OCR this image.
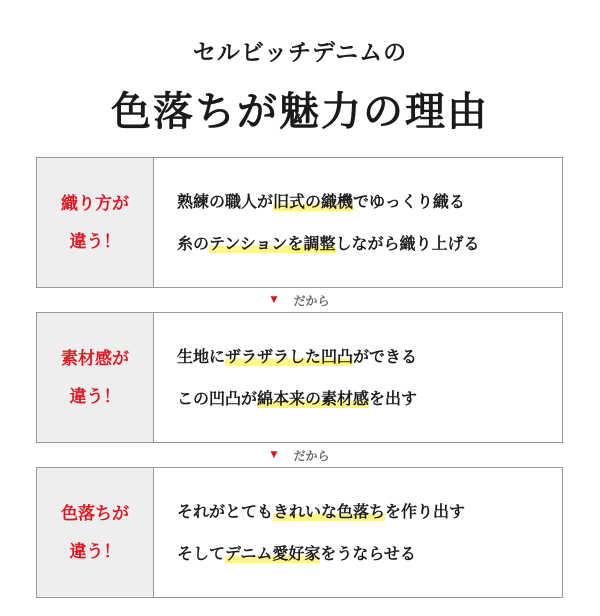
セルビッチデニムの
色落ちが魅力の理由
織り方が
違う！
熟練の職人が旧式の織機でゆっくり織る
糸のテンションを調整しながら織り上げる
▼ だから
素材感が
違う！
生地にザラザラした凹凸ができる
この凹凸が綿本来の素材感を出す
▼ だから
色落ちが
違う！
それがとてもきれいな色落ちを作り出す
そしてデニム愛好家をうならせる
